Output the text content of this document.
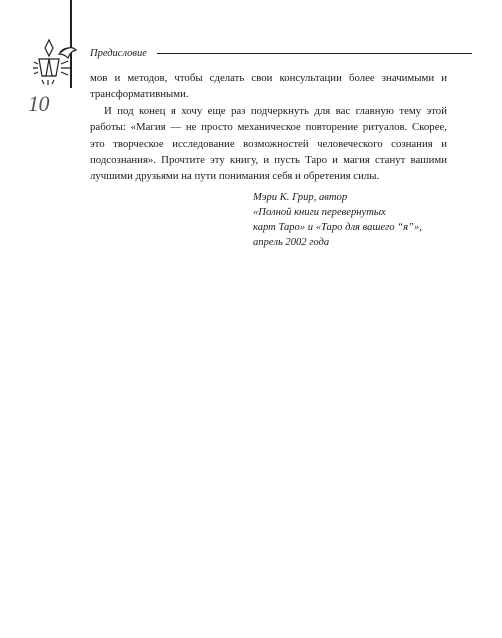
10
Предисловие

мов и методов, чтобы сделать свои консультации более значимыми и трансформативными.

И под конец я хочу еще раз подчеркнуть для вас главную тему этой работы: «Магия — не просто механическое повторение ритуалов. Скорее, это творческое исследование возможностей человеческого сознания и подсознания». Прочтите эту книгу, и пусть Таро и магия станут вашими лучшими друзьями на пути понимания себя и обретения силы.

Мэри К. Грир, автор
«Полной книги перевернутых
карт Таро» и «Таро для вашего “я”»,
апрель 2002 года
